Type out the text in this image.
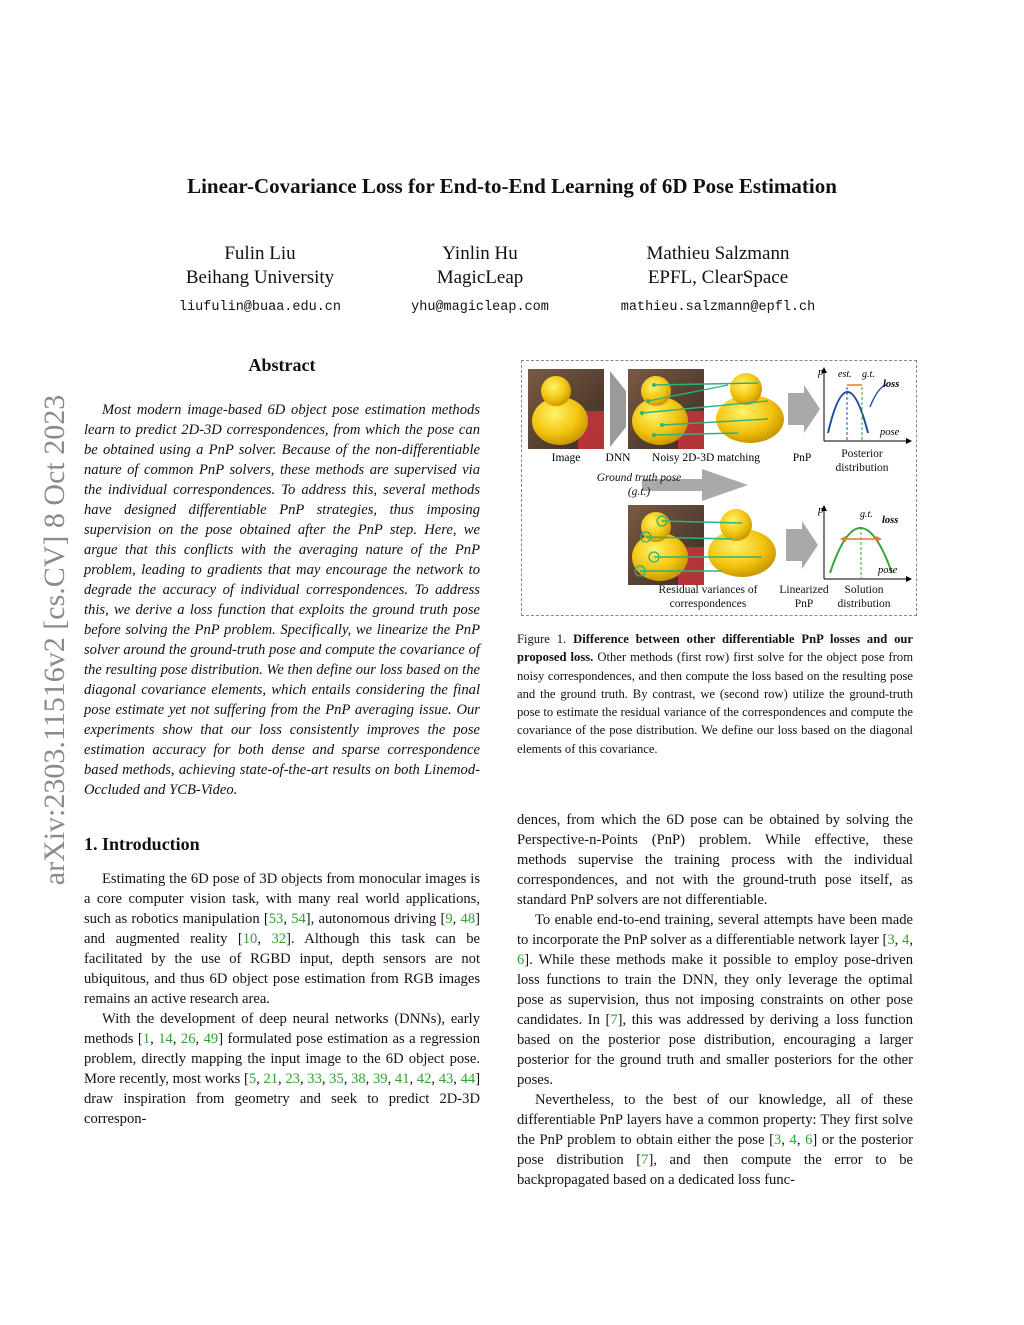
arXiv:2303.11516v2 [cs.CV] 8 Oct 2023
Linear-Covariance Loss for End-to-End Learning of 6D Pose Estimation
Fulin Liu
Beihang University
liufulin@buaa.edu.cn
Yinlin Hu
MagicLeap
yhu@magicleap.com
Mathieu Salzmann
EPFL, ClearSpace
mathieu.salzmann@epfl.ch
Abstract

Most modern image-based 6D object pose estimation methods learn to predict 2D-3D correspondences, from which the pose can be obtained using a PnP solver. Because of the non-differentiable nature of common PnP solvers, these methods are supervised via the individual correspondences. To address this, several methods have designed differentiable PnP strategies, thus imposing supervision on the pose obtained after the PnP step. Here, we argue that this conflicts with the averaging nature of the PnP problem, leading to gradients that may encourage the network to degrade the accuracy of individual correspondences. To address this, we derive a loss function that exploits the ground truth pose before solving the PnP problem. Specifically, we linearize the PnP solver around the ground-truth pose and compute the covariance of the resulting pose distribution. We then define our loss based on the diagonal covariance elements, which entails considering the final pose estimate yet not suffering from the PnP averaging issue. Our experiments show that our loss consistently improves the pose estimation accuracy for both dense and sparse correspondence based methods, achieving state-of-the-art results on both Linemod-Occluded and YCB-Video.

1. Introduction

Estimating the 6D pose of 3D objects from monocular images is a core computer vision task, with many real world applications, such as robotics manipulation [53, 54], autonomous driving [9, 48] and augmented reality [10, 32]. Although this task can be facilitated by the use of RGBD input, depth sensors are not ubiquitous, and thus 6D object pose estimation from RGB images remains an active research area.

With the development of deep neural networks (DNNs), early methods [1, 14, 26, 49] formulated pose estimation as a regression problem, directly mapping the input image to the 6D object pose. More recently, most works [5, 21, 23, 33, 35, 38, 39, 41, 42, 43, 44] draw inspiration from geometry and seek to predict 2D-3D correspon-

p est. g.t.
loss
pose
Image DNN Noisy 2D-3D matching	PnP
p	g.t.
loss
pose
Posterior distribution
Ground truth pose (g.t.)
Residual variances of correspondences
Linearized PnP
Solution distribution

Figure 1. Difference between other differentiable PnP losses and our proposed loss. Other methods (first row) first solve for the object pose from noisy correspondences, and then compute the loss based on the resulting pose and the ground truth. By contrast, we (second row) utilize the ground-truth pose to estimate the residual variance of the correspondences and compute the covariance of the pose distribution. We define our loss based on the diagonal elements of this covariance.

dences, from which the 6D pose can be obtained by solving the Perspective-n-Points (PnP) problem. While effective, these methods supervise the training process with the individual correspondences, and not with the ground-truth pose itself, as standard PnP solvers are not differentiable.

To enable end-to-end training, several attempts have been made to incorporate the PnP solver as a differentiable network layer [3, 4, 6]. While these methods make it possible to employ pose-driven loss functions to train the DNN, they only leverage the optimal pose as supervision, thus not imposing constraints on other pose candidates. In [7], this was addressed by deriving a loss function based on the posterior pose distribution, encouraging a larger posterior for the ground truth and smaller posteriors for the other poses.

Nevertheless, to the best of our knowledge, all of these differentiable PnP layers have a common property: They first solve the PnP problem to obtain either the pose [3, 4, 6] or the posterior pose distribution [7], and then compute the error to be backpropagated based on a dedicated loss func-
